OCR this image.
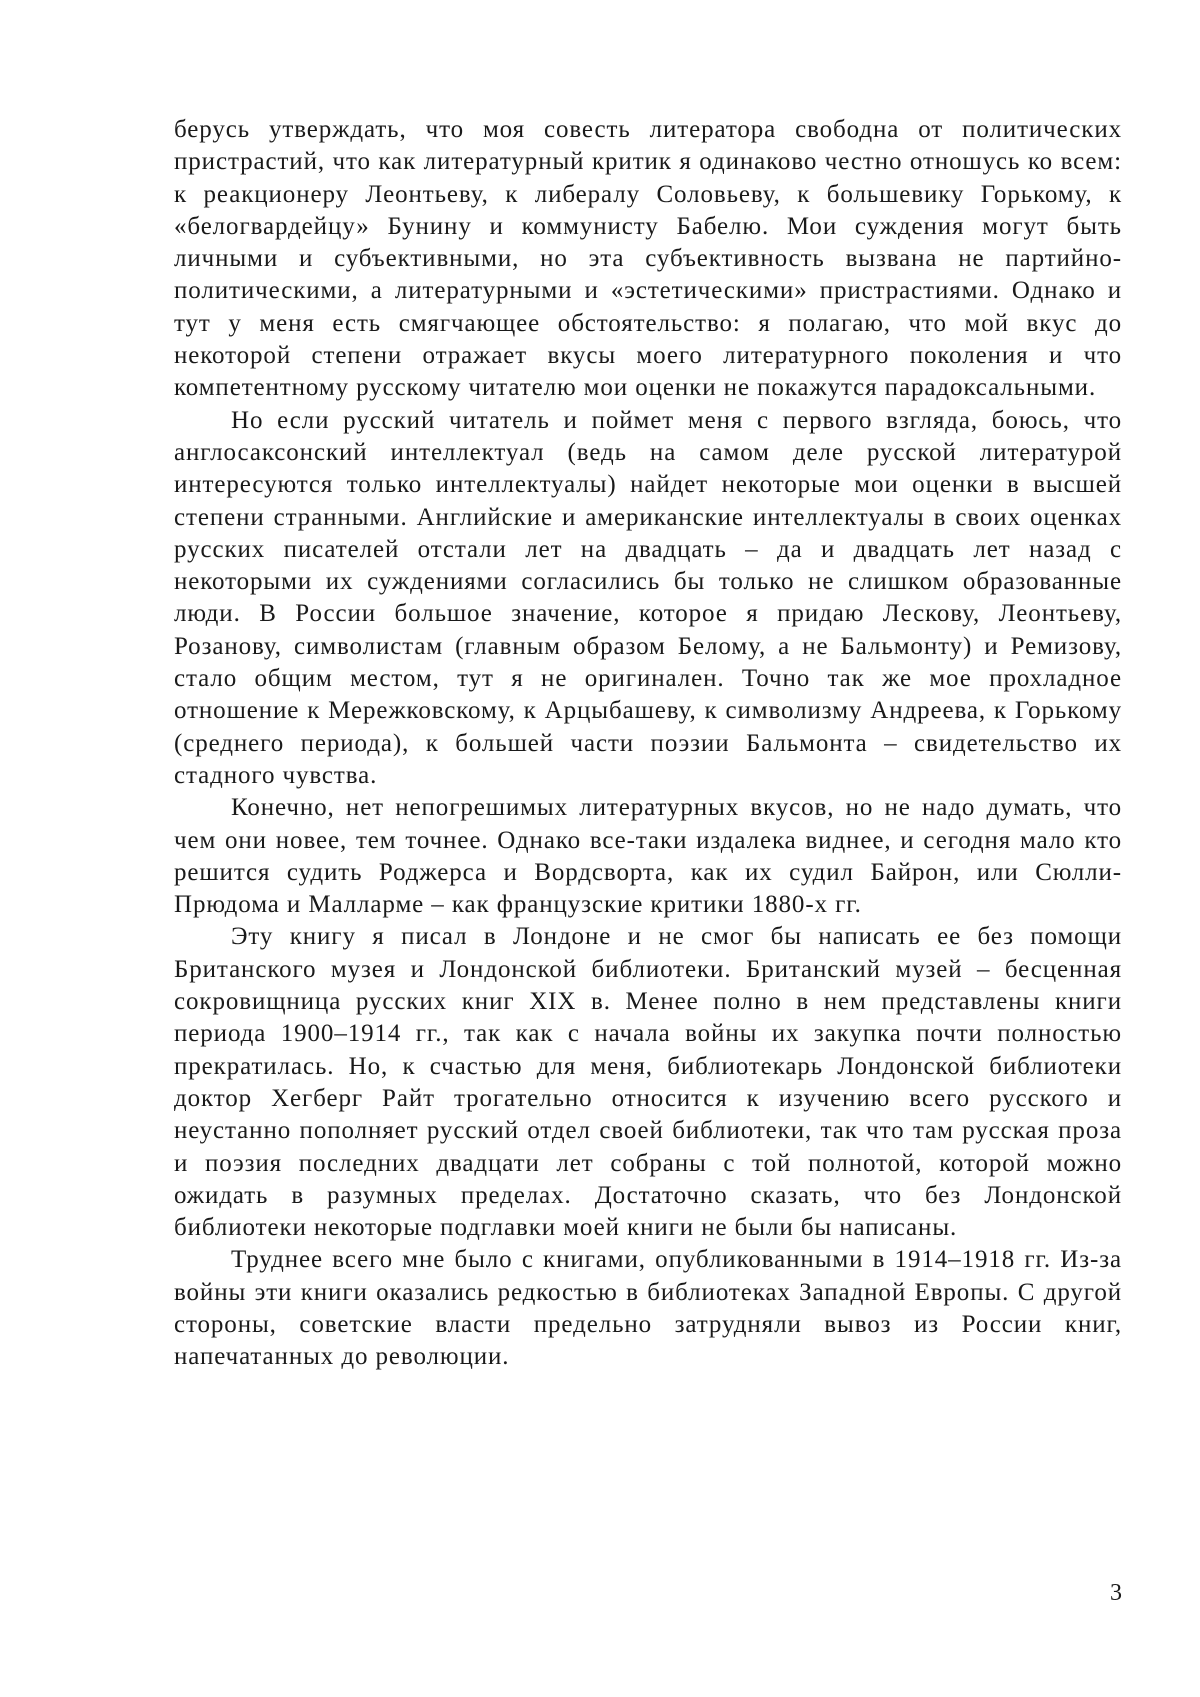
берусь утверждать, что моя совесть литератора свободна от политических пристрастий, что как литературный критик я одинаково честно отношусь ко всем: к реакционеру Леонтьеву, к либералу Соловьеву, к большевику Горькому, к «белогвардейцу» Бунину и коммунисту Бабелю. Мои суждения могут быть личными и субъективными, но эта субъективность вызвана не партийно-политическими, а литературными и «эстетическими» пристрастиями. Однако и тут у меня есть смягчающее обстоятельство: я полагаю, что мой вкус до некоторой степени отражает вкусы моего литературного поколения и что компетентному русскому читателю мои оценки не покажутся парадоксальными.

Но если русский читатель и поймет меня с первого взгляда, боюсь, что англосаксонский интеллектуал (ведь на самом деле русской литературой интересуются только интеллектуалы) найдет некоторые мои оценки в высшей степени странными. Английские и американские интеллектуалы в своих оценках русских писателей отстали лет на двадцать – да и двадцать лет назад с некоторыми их суждениями согласились бы только не слишком образованные люди. В России большое значение, которое я придаю Лескову, Леонтьеву, Розанову, символистам (главным образом Белому, а не Бальмонту) и Ремизову, стало общим местом, тут я не оригинален. Точно так же мое прохладное отношение к Мережковскому, к Арцыбашеву, к символизму Андреева, к Горькому (среднего периода), к большей части поэзии Бальмонта – свидетельство их стадного чувства.

Конечно, нет непогрешимых литературных вкусов, но не надо думать, что чем они новее, тем точнее. Однако все-таки издалека виднее, и сегодня мало кто решится судить Роджерса и Вордсворта, как их судил Байрон, или Сюлли-Прюдома и Малларме – как французские критики 1880-х гг.

Эту книгу я писал в Лондоне и не смог бы написать ее без помощи Британского музея и Лондонской библиотеки. Британский музей – бесценная сокровищница русских книг XIX в. Менее полно в нем представлены книги периода 1900–1914 гг., так как с начала войны их закупка почти полностью прекратилась. Но, к счастью для меня, библиотекарь Лондонской библиотеки доктор Хегберг Райт трогательно относится к изучению всего русского и неустанно пополняет русский отдел своей библиотеки, так что там русская проза и поэзия последних двадцати лет собраны с той полнотой, которой можно ожидать в разумных пределах. Достаточно сказать, что без Лондонской библиотеки некоторые подглавки моей книги не были бы написаны.

Труднее всего мне было с книгами, опубликованными в 1914–1918 гг. Из-за войны эти книги оказались редкостью в библиотеках Западной Европы. С другой стороны, советские власти предельно затрудняли вывоз из России книг, напечатанных до революции.

3
